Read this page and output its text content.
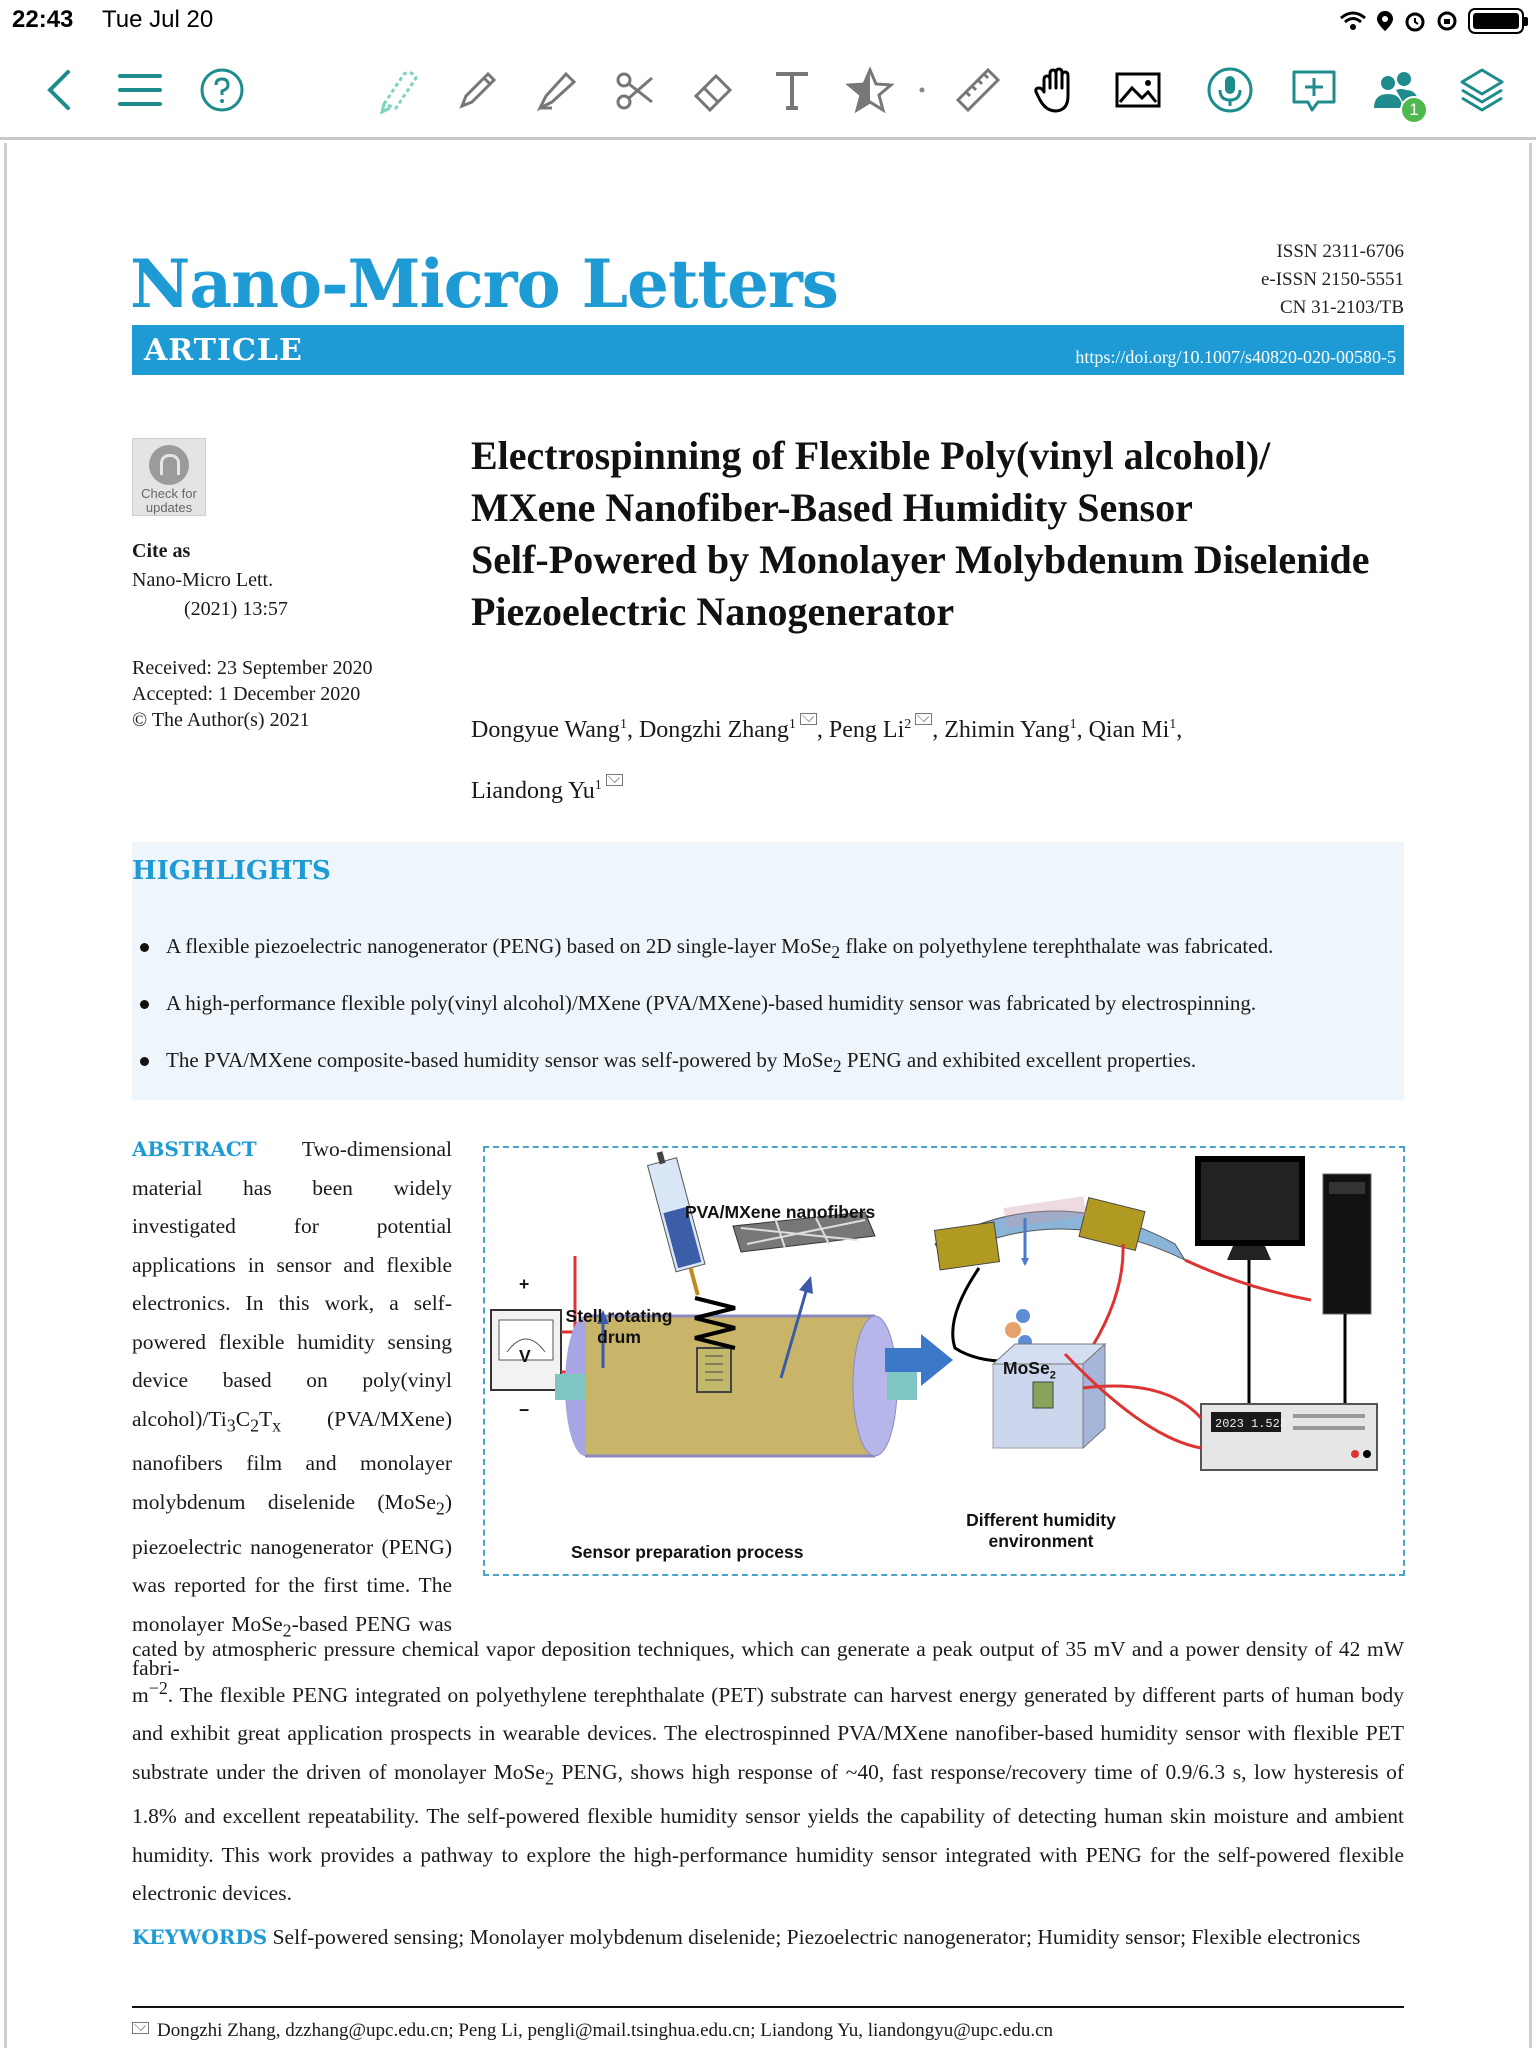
22:43 Tue Jul 20
1
Nano-Micro Letters	ISSN 2311-6706
e-ISSN 2150-5551
CN 31-2103/TB
ARTICLE	https://doi.org/10.1007/s40820-020-00580-5
Check for
updates
Cite as
Nano-Micro Lett.
(2021) 13:57
Received: 23 September 2020
Accepted: 1 December 2020
© The Author(s) 2021
Electrospinning of Flexible Poly(vinyl alcohol)/
MXene Nanofiber-Based Humidity Sensor
Self-Powered by Monolayer Molybdenum Diselenide
Piezoelectric Nanogenerator
Dongyue Wang$^1$, Dongzhi Zhang$^1$ , Peng Li$^2$ , Zhimin Yang$^1$, Qian Mi$^1$,
Liandong Yu$^1$
HIGHLIGHTS
A flexible piezoelectric nanogenerator (PENG) based on 2D single-layer MoSe$_2$ flake on polyethylene terephthalate was fabricated.
A high-performance flexible poly(vinyl alcohol)/MXene (PVA/MXene)-based humidity sensor was fabricated by electrospinning.
The PVA/MXene composite-based humidity sensor was self-powered by MoSe$_2$ PENG and exhibited excellent properties.
ABSTRACT Two-dimensional material has been widely investigated for potential applications in sensor and flexible electronics. In this work, a self-powered flexible humidity sensing device based on poly(vinyl $alcohol)/Ti_3C_2T_x$ (PVA/MXene) nanofibers film and monolayer molybdenum diselenide (MoSe$_2$) piezoelectric nanogenerator (PENG) was reported for the first time. The monolayer MoSe$_2$-based PENG was fabri-
2023 1.523
PVA/MXene nanofibers
Stell rotating
drum
+
−
V
MoSe$_2$
Sensor preparation process
Different humidity
environment
cated by atmospheric pressure chemical vapor deposition techniques, which can generate a peak output of 35 mV and a power density of 42 mW $m^{-2}$. The flexible PENG integrated on polyethylene terephthalate (PET) substrate can harvest energy generated by different parts of human body and exhibit great application prospects in wearable devices. The electrospinned PVA/MXene nanofiber-based humidity sensor with flexible PET substrate under the driven of monolayer MoSe$_2$ PENG, shows high response of ~40, fast response/recovery time of 0.9/6.3 s, low hysteresis of 1.8% and excellent repeatability. The self-powered flexible humidity sensor yields the capability of detecting human skin moisture and ambient humidity. This work provides a pathway to explore the high-performance humidity sensor integrated with PENG for the self-powered flexible electronic devices.
KEYWORDS Self-powered sensing; Monolayer molybdenum diselenide; Piezoelectric nanogenerator; Humidity sensor; Flexible electronics
Dongzhi Zhang, dzzhang@upc.edu.cn; Peng Li, pengli@mail.tsinghua.edu.cn; Liandong Yu, liandongyu@upc.edu.cn
